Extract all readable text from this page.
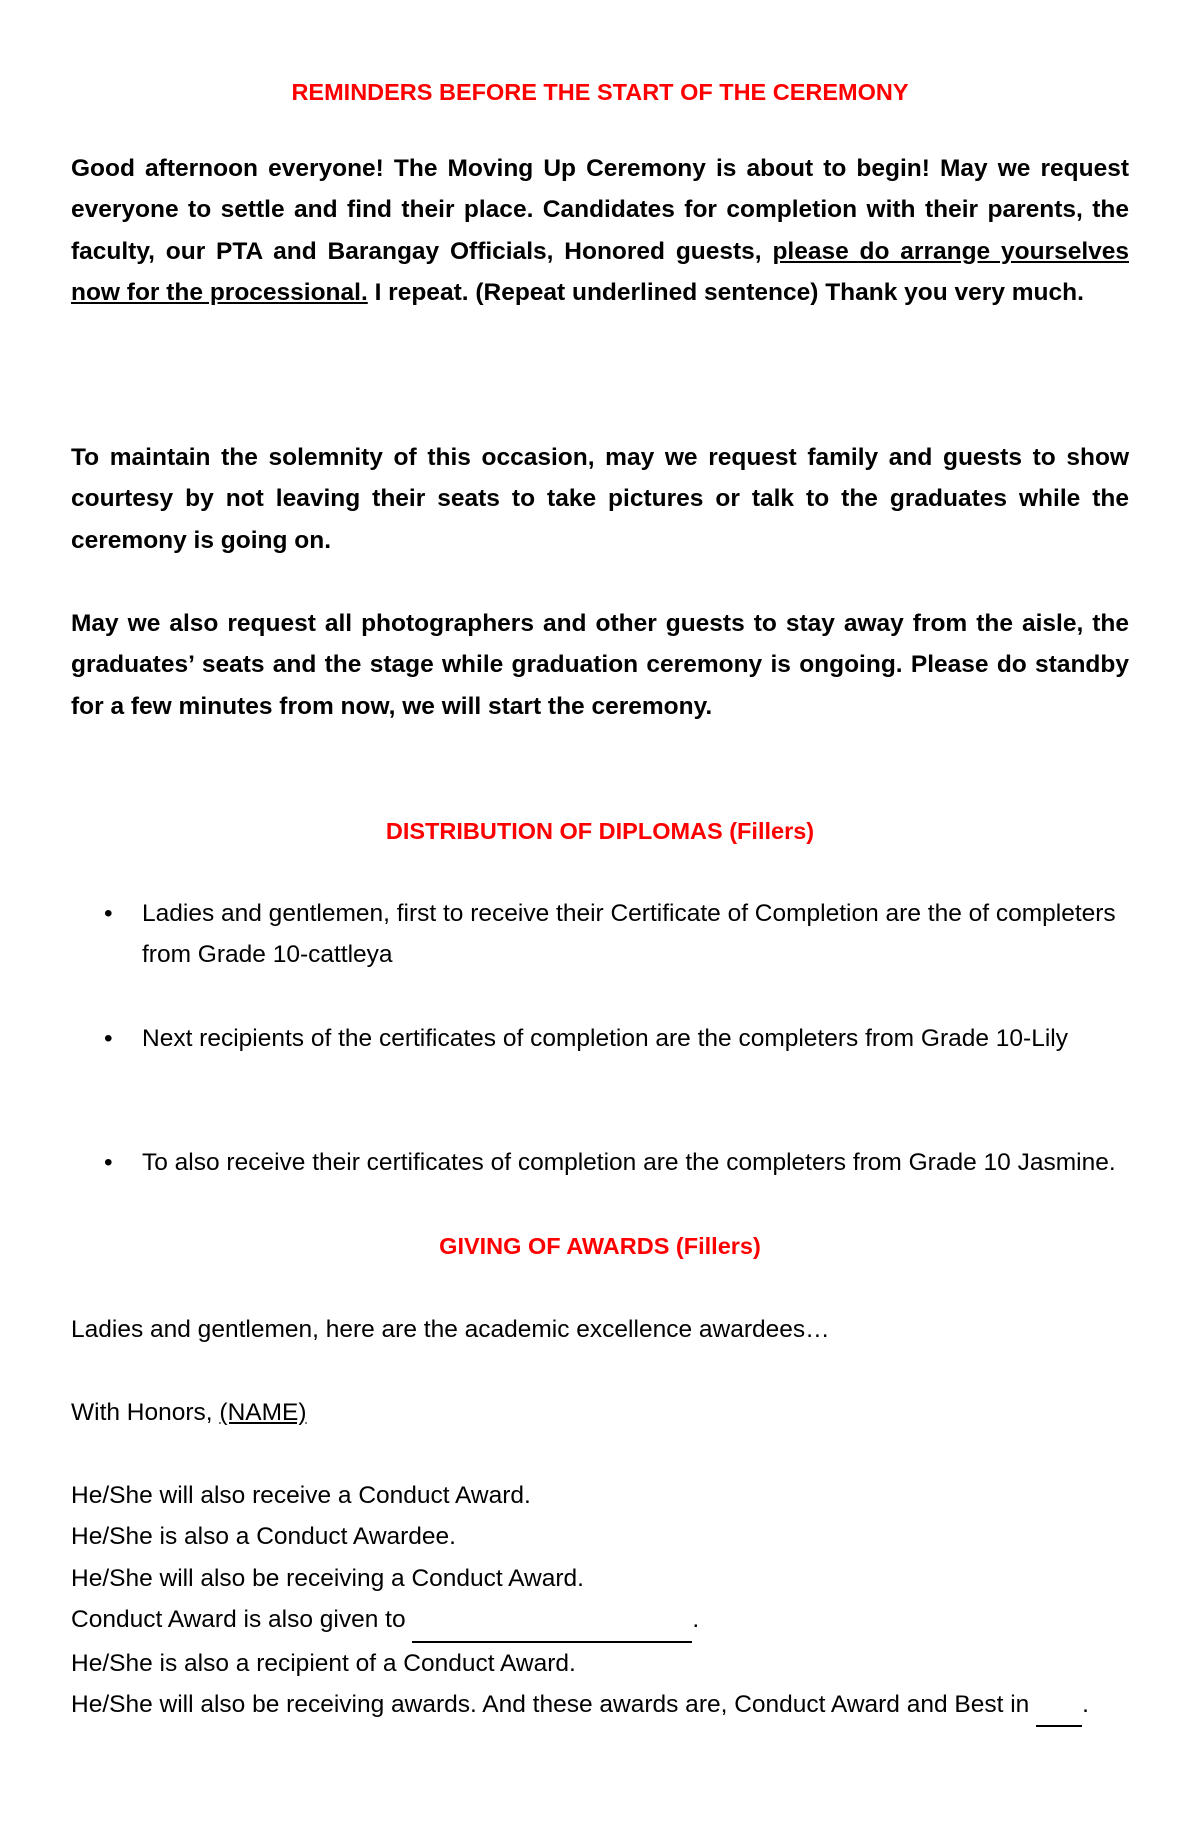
REMINDERS BEFORE THE START OF THE CEREMONY

Good afternoon everyone! The Moving Up Ceremony is about to begin! May we request everyone to settle and find their place. Candidates for completion with their parents, the faculty, our PTA and Barangay Officials, Honored guests, please do arrange yourselves now for the processional. I repeat. (Repeat underlined sentence) Thank you very much.

To maintain the solemnity of this occasion, may we request family and guests to show courtesy by not leaving their seats to take pictures or talk to the graduates while the ceremony is going on.

May we also request all photographers and other guests to stay away from the aisle, the graduates’ seats and the stage while graduation ceremony is ongoing. Please do standby for a few minutes from now, we will start the ceremony.

DISTRIBUTION OF DIPLOMAS (Fillers)
• Ladies and gentlemen, first to receive their Certificate of Completion are the of completers from Grade 10-cattleya
• Next recipients of the certificates of completion are the completers from Grade 10-Lily
• To also receive their certificates of completion are the completers from Grade 10 Jasmine.
GIVING OF AWARDS (Fillers)

Ladies and gentlemen, here are the academic excellence awardees…

With Honors, (NAME)

He/She will also receive a Conduct Award.
He/She is also a Conduct Awardee.
He/She will also be receiving a Conduct Award.
Conduct Award is also given to	.
He/She is also a recipient of a Conduct Award.
He/She will also be receiving awards. And these awards are, Conduct Award and Best in  .
